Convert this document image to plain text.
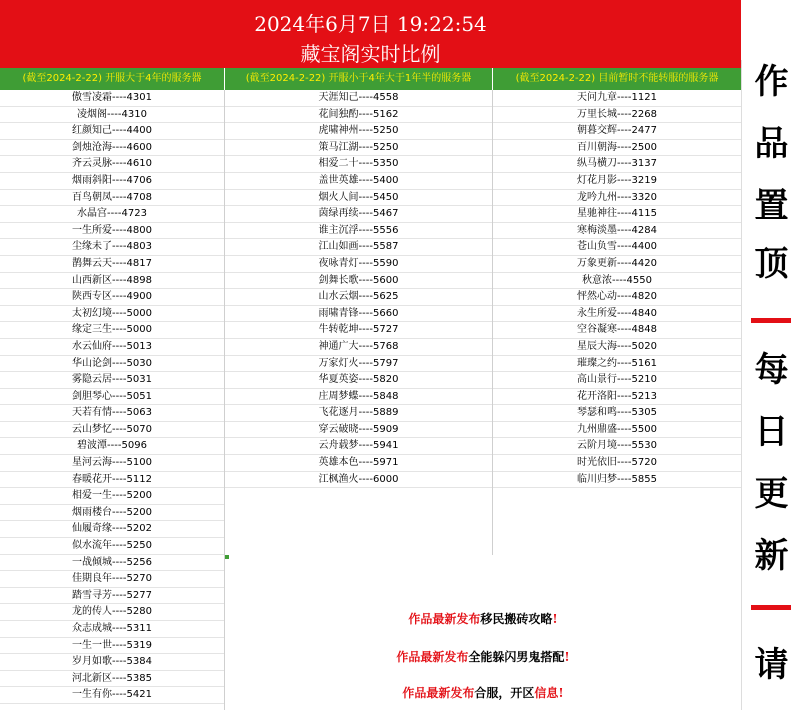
2024年6月7日 19:22:54
藏宝阁实时比例
(截至2024-2-22) 开服大于4年的服务器	(截至2024-2-22) 开服小于4年大于1年半的服务器	(截至2024-2-22) 目前暂时不能转服的服务器
傲雪凌霜----4301
凌烟阁----4310
红颜知己----4400
剑烛沧海----4600
齐云灵脉----4610
烟雨斜阳----4706
百鸟朝凤----4708
水晶宫----4723
一生所爱----4800
尘缘未了----4803
鹊舞云天----4817
山西新区----4898
陕西专区----4900
太初幻境----5000
缘定三生----5000
水云仙府----5013
华山论剑----5030
雾隐云居----5031
剑胆琴心----5051
天若有情----5063
云山梦忆----5070
碧波潭----5096
星河云海----5100
春暖花开----5112
相爱一生----5200
烟雨楼台----5200
仙履奇缘----5202
似水流年----5250
一战倾城----5256
佳期良年----5270
踏雪寻芳----5277
龙的传人----5280
众志成城----5311
一生一世----5319
岁月如歌----5384
河北新区----5385
一生有你----5421
天涯知己----4558
花间独酌----5162
虎啸神州----5250
策马江湖----5250
相爱二十----5350
盖世英雄----5400
烟火人间----5450
茵绿再续----5467
谁主沉浮----5556
江山如画----5587
夜咏青灯----5590
剑舞长歌----5600
山水云烟----5625
雨啸青锋----5660
牛转乾坤----5727
神通广大----5768
万家灯火----5797
华夏英姿----5820
庄周梦蝶----5848
飞花逐月----5889
穿云破晓----5909
云舟载梦----5941
英雄本色----5971
江枫渔火----6000
天问九章----1121
万里长城----2268
朝暮交辉----2477
百川朝海----2500
纵马横刀----3137
灯花月影----3219
龙吟九州----3320
星驰神往----4115
寒梅淡墨----4284
苍山负雪----4400
万象更新----4420
秋意浓----4550
怦然心动----4820
永生所爱----4840
空谷凝寒----4848
星辰大海----5020
璀璨之约----5161
高山景行----5210
花开洛阳----5213
琴瑟和鸣----5305
九州鼎盛----5500
云阶月境----5530
时光依旧----5720
临川归梦----5855
作品最新发布移民搬砖攻略!
作品最新发布全能躲闪男鬼搭配!
作品最新发布合服，开区信息!
作
品
置
顶
每
日
更
新
请
